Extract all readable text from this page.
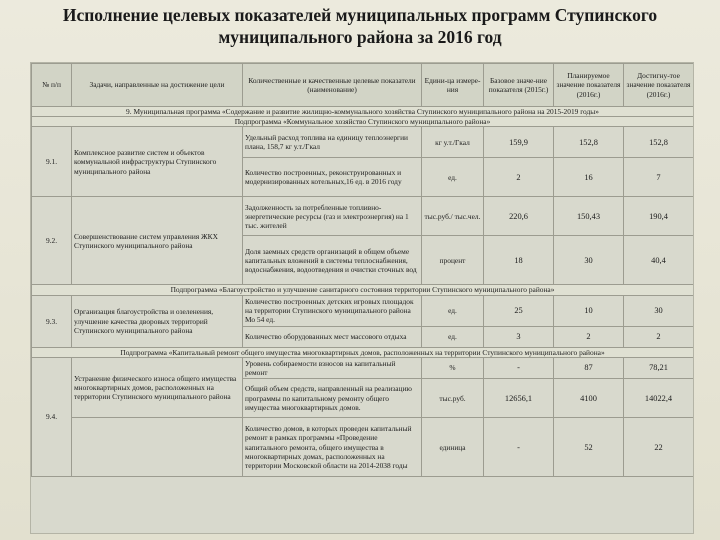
Исполнение целевых показателей муниципальных программ Ступинского
муниципального района за 2016 год
№ п/п	Задачи, направленные на достижение цели	Количественные и качественные целевые показатели (наименование)	Едини-ца измере-ния	Базовое значе-ние показателя (2015г.)	Планируемое значение показателя (2016г.)	Достигну-тое значение показателя (2016г.)
9. Муниципальная программа «Содержание и развитие жилищно-коммунального хозяйства Ступинского муниципального района на 2015-2019 годы»						
Подпрограмма «Коммунальное хозяйство Ступинского муниципального района»						
9.1.	Комплексное развитие систем и объектов коммунальной инфраструктуры Ступинского муниципального района	Удельный расход топлива на единицу теплоэнергии плана, 158,7 кг у.т./Гкал	кг у.т./Гкал	159,9	152,8	152,8
		Количество построенных, реконструированных и модернизированных котельных,16 ед. в 2016 году	ед.	2	16	7
9.2.	Совершенствование систем управления ЖКХ Ступинского муниципального района	Задолженность за потребленные топливно-энергетические ресурсы (газ и электроэнергия) на 1 тыс. жителей	тыс.руб./ тыс.чел.	220,6	150,43	190,4
		Доля заемных средств организаций в общем объеме капитальных вложений в системы теплоснабжения, водоснабжения, водоотведения и очистки сточных вод	процент	18	30	40,4
Подпрограмма «Благоустройство и улучшение санитарного состояния территории Ступинского муниципального района»						
9.3.	Организация благоустройства и озеленения, улучшение качества дворовых территорий Ступинского муниципального района	Количество построенных детских игровых площадок на территории Ступинского муниципального района Мо 54 ед.	ед.	25	10	30
		Количество оборудованных мест массового отдыха	ед.	3	2	2
Подпрограмма «Капитальный ремонт общего имущества многоквартирных домов, расположенных на территории Ступинского муниципального района»						
9.4.	Устранение физического износа общего имущества многоквартирных домов, расположенных на территории Ступинского муниципального района	Уровень собираемости взносов на капитальный ремонт	%	-	87	78,21
		Общий объем средств, направленный на реализацию программы по капитальному ремонту общего имущества многоквартирных домов.	тыс.руб.	12656,1	4100	14022,4
		Количество домов, в которых проведен капитальный ремонт в рамках программы «Проведение капитального ремонта, общего имущества в многоквартирных домах, расположенных на территории Московской области на 2014-2038 годы	единица	-	52	22
